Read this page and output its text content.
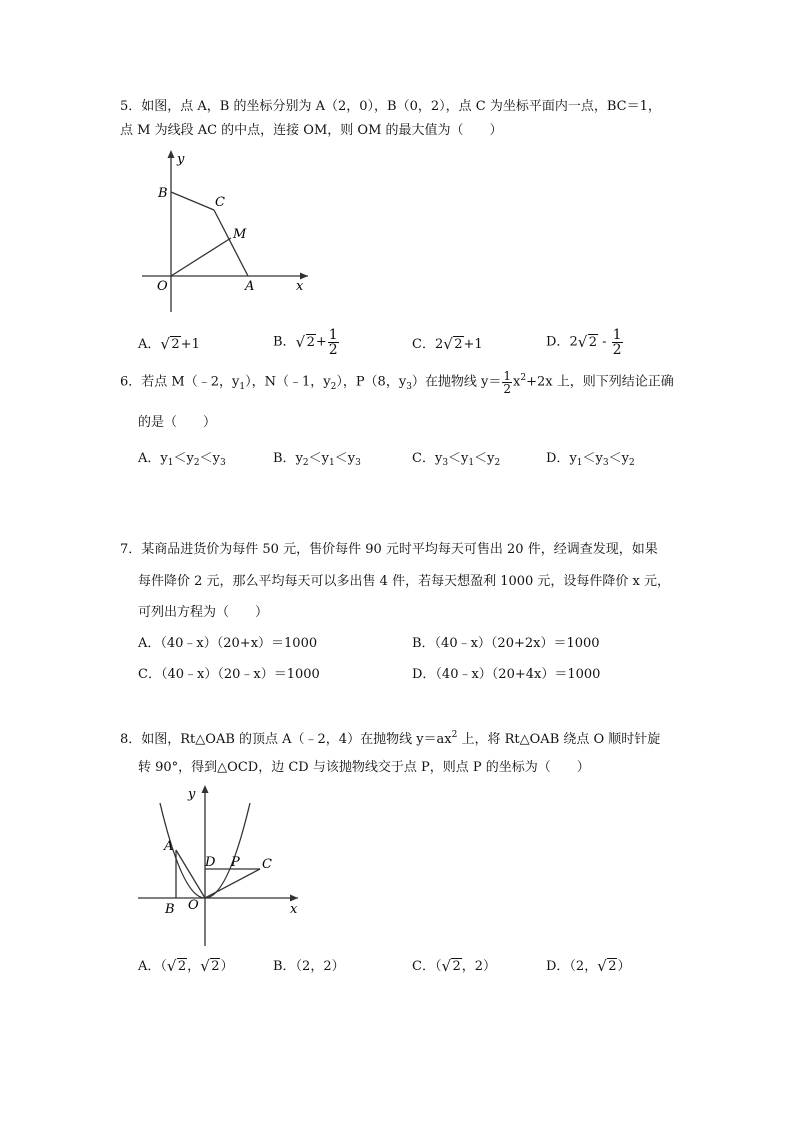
5．如图，点 A，B 的坐标分别为 A（2，0），B（0，2），点 C 为坐标平面内一点，BC＝1，
点 M 为线段 AC 的中点，连接 OM，则 OM 的最大值为（　　）
y
B
C
M
O	A	x
A． √ 2+1	B． √ $2+ \frac{1}{2}$	C．2 √ 2+1	D．2 √ $2 - \frac{1}{2}$
6．若点 M（﹣2，$y_1$），N（﹣1，$y_2$），P（8，$y_3$）在抛物线 $y= \frac{1}{2} x^2+2x$ 上，则下列结论正确
的是（　　）
A．$y_1<y_2<y_3$	B．$y_2<y_1<y_3$	C．$y_3<y_1<y_2$	D．$y_1<y_3<y_2$
7．某商品进货价为每件 50 元，售价每件 90 元时平均每天可售出 20 件，经调查发现，如果
每件降价 2 元，那么平均每天可以多出售 4 件，若每天想盈利 1000 元，设每件降价 x 元，
可列出方程为（　　）
A．（40﹣x）（20+x）＝1000	B．（40﹣x）（20+2x）＝1000
C．（40﹣x）（20﹣x）＝1000	D．（40﹣x）（20+4x）＝1000
8．如图，Rt△OAB 的顶点 A（﹣2，4）在抛物线 $y=ax^2$ 上，将 Rt△OAB 绕点 O 顺时针旋
转 90°，得到△OCD，边 CD 与该抛物线交于点 P，则点 P 的坐标为（　　）
y
A
D P C
B O	x
A．（ √ 2， √ 2）	B．（2，2）	C．（ √ 2，2）	D．（2， √ 2）
